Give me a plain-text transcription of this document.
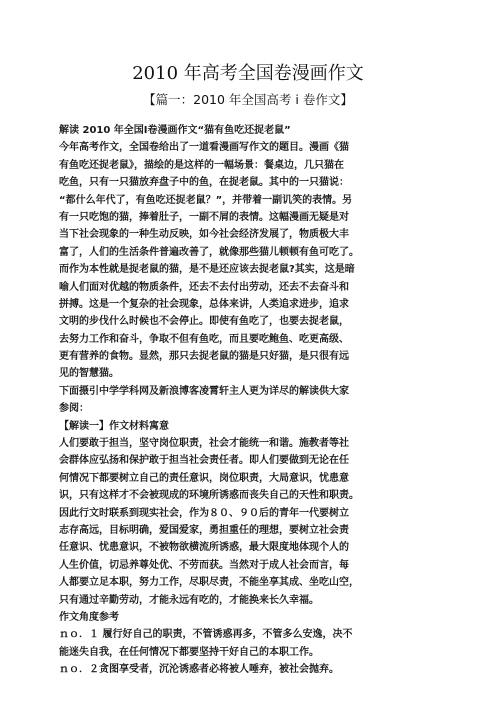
2010 年高考全国卷漫画作文
【篇一：2010 年全国高考 i 卷作文】
解读 2010 年全国Ⅰ卷漫画作文“猫有鱼吃还捉老鼠”
今年高考作文，全国卷给出了一道看漫画写作文的题目。漫画《猫
有鱼吃还捉老鼠》，描绘的是这样的一幅场景：餐桌边，几只猫在
吃鱼，只有一只猫放弃盘子中的鱼，在捉老鼠。其中的一只猫说：
“都什么年代了，有鱼吃还捉老鼠？”，并带着一副讥笑的表情。另
有一只吃饱的猫，捧着肚子，一副不屑的表情。这幅漫画无疑是对
当下社会现象的一种生动反映，如今社会经济发展了，物质极大丰
富了，人们的生活条件普遍改善了，就像那些猫儿顿顿有鱼可吃了。
而作为本性就是捉老鼠的猫，是不是还应该去捉老鼠?其实，这是暗
喻人们面对优越的物质条件，还去不去付出劳动，还去不去奋斗和
拼搏。这是一个复杂的社会现象，总体来讲，人类追求进步，追求
文明的步伐什么时候也不会停止。即使有鱼吃了，也要去捉老鼠，
去努力工作和奋斗，争取不但有鱼吃，而且要吃鲍鱼、吃更高级、
更有营养的食物。显然，那只去捉老鼠的猫是只好猫，是只很有远
见的智慧猫。
下面摄引中学学科网及新浪博客凌霄轩主人更为详尽的解读供大家
参阅：
【解读一】作文材料寓意
人们要敢于担当，坚守岗位职责，社会才能统一和谐。施教者等社
会群体应弘扬和保护敢于担当社会责任者。即人们要做到无论在任
何情况下都要树立自己的责任意识，岗位职责，大局意识，忧患意
识，只有这样才不会被现成的环境所诱惑而丧失自己的天性和职责。
因此行文时联系到现实社会，作为８０、９０后的青年一代要树立
志存高远，目标明确，爱国爱家，勇担重任的理想，要树立社会责
任意识、忧患意识，不被物欲横流所诱惑，最大限度地体现个人的
人生价值，切忌养尊处优、不劳而获。当然对于成人社会而言，每
人都要立足本职，努力工作，尽职尽责，不能坐享其成、坐吃山空，
只有通过辛勤劳动，才能永远有吃的，才能换来长久幸福。
作文角度参考
ｎｏ．１ 履行好自己的职责，不管诱惑再多，不管多么安逸，决不
能迷失自我，在任何情况下都要坚持干好自己的本职工作。
ｎｏ．２贪图享受者，沉沦诱惑者必将被人唾弃，被社会抛弃。
